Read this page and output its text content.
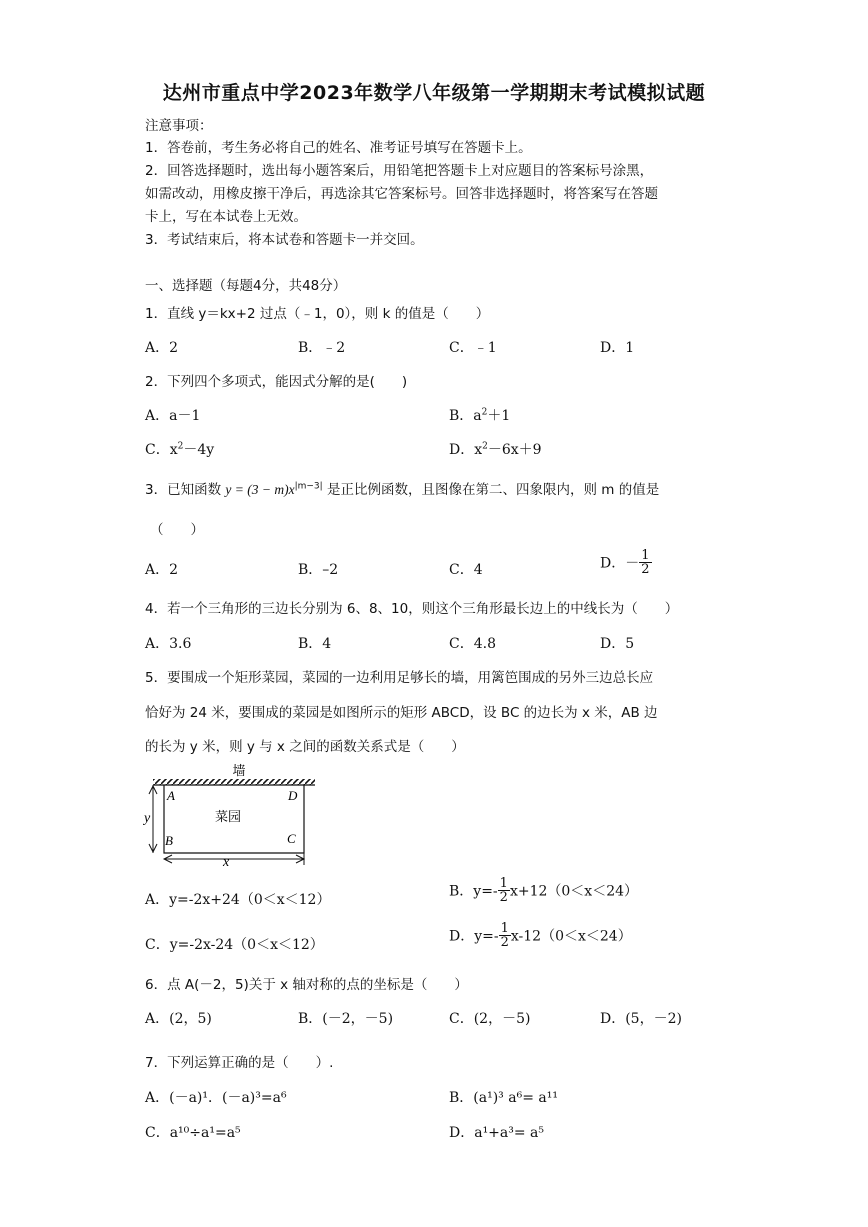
达州市重点中学2023年数学八年级第一学期期末考试模拟试题
注意事项：
1．答卷前，考生务必将自己的姓名、准考证号填写在答题卡上。
2．回答选择题时，选出每小题答案后，用铅笔把答题卡上对应题目的答案标号涂黑，
如需改动，用橡皮擦干净后，再选涂其它答案标号。回答非选择题时，将答案写在答题
卡上，写在本试卷上无效。
3．考试结束后，将本试卷和答题卡一并交回。
一、选择题（每题4分，共48分）
1．直线 y＝kx+2 过点（﹣1，0），则 k 的值是（　　）
A．2	B．﹣2	C．﹣1	D．1
2．下列四个多项式，能因式分解的是(　　)
A．a－1	B．$a^2+1$
C．$x^2-4y$	D．$x^2-6x+9$
3．已知函数 $y = (3 - m)x^{|m-3|}$ 是正比例函数，且图像在第二、四象限内，则 m 的值是
（　　）
A．2	B．–2	C．4	D．－ $\frac{1}{2}$
4．若一个三角形的三边长分别为 6、8、10，则这个三角形最长边上的中线长为（　　）
A．3.6	B．4	C．4.8	D．5
5．要围成一个矩形菜园，菜园的一边利用足够长的墙，用篱笆围成的另外三边总长应
恰好为 24 米，要围成的菜园是如图所示的矩形 ABCD，设 BC 的边长为 x 米，AB 边
的长为 y 米，则 y 与 x 之间的函数关系式是（　　）
墙
菜园
A	D
B	C
y
x
A．y=-2x+24（0＜x＜12）
B．$y=- \frac{1}{2} x+12(0<x<24)$
C．y=-2x-24（0＜x＜12）
D．$y=- \frac{1}{2} x-12(0<x<24)$
6．点 A(－2，5)关于 x 轴对称的点的坐标是（　　）
A．(2，5)	B．(－2，－5)	C．(2，－5)	D．(5，－2)
7．下列运算正确的是（　　）.
A．(－a)¹．(－a)³=a⁶	B．(a¹)³ a⁶= a¹¹
C．a¹⁰÷a¹=a⁵	D．a¹+a³= a⁵
